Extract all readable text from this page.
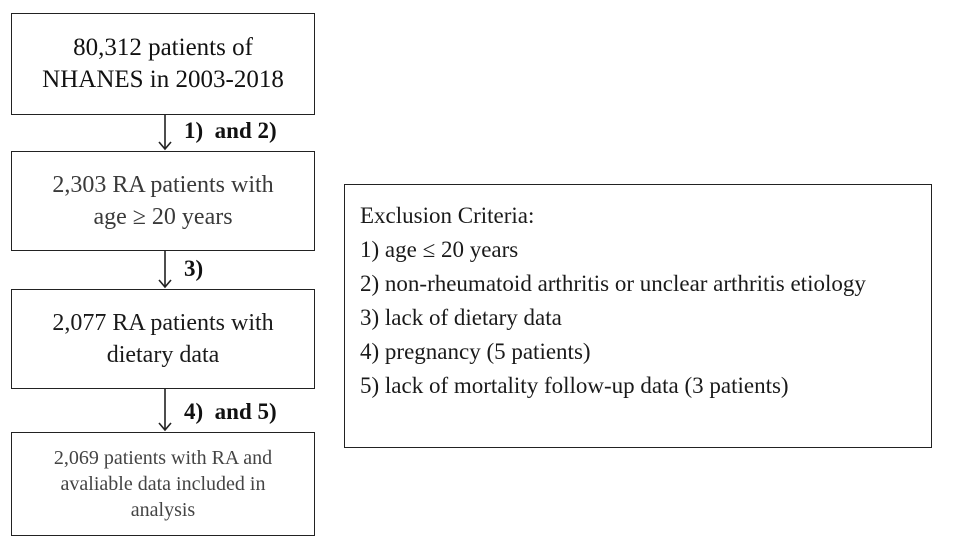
80,312 patients of
NHANES in 2003-2018
1)  and 2)
2,303 RA patients with
age ≥ 20 years
3)
2,077 RA patients with
dietary data
4)  and 5)
2,069 patients with RA and
avaliable data included in
analysis
Exclusion Criteria:
1) age ≤ 20 years
2) non-rheumatoid arthritis or unclear arthritis etiology
3) lack of dietary data
4) pregnancy (5 patients)
5) lack of mortality follow-up data (3 patients)
